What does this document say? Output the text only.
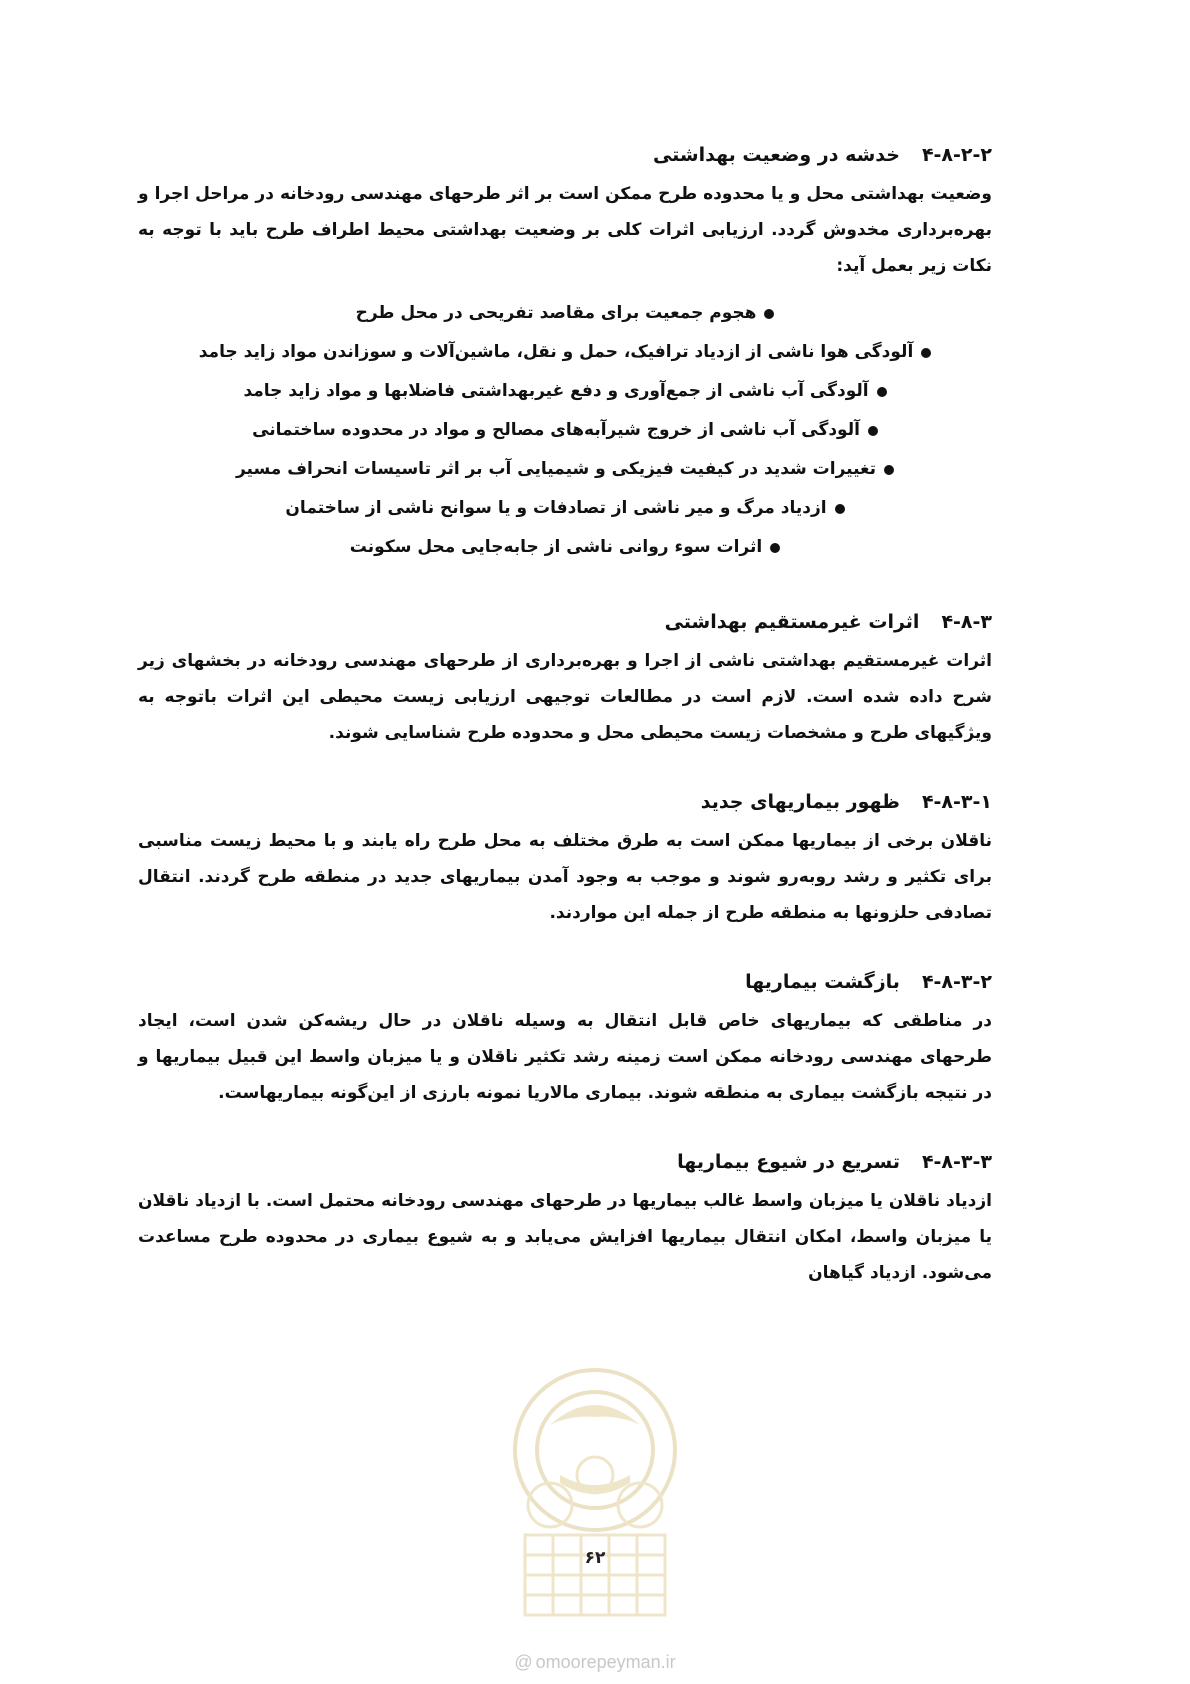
۴-۸-۲-۲خدشه در وضعیت بهداشتی

وضعیت بهداشتی محل و یا محدوده طرح ممکن است بر اثر طرحهای مهندسی رودخانه در مراحل اجرا و بهره‌برداری مخدوش گردد. ارزیابی اثرات کلی بر وضعیت بهداشتی محیط اطراف طرح باید با توجه به نکات زیر بعمل آید:

هجوم جمعیت برای مقاصد تفریحی در محل طرح
آلودگی هوا ناشی از ازدیاد ترافیک، حمل و نقل، ماشین‌آلات و سوزاندن مواد زاید جامد
آلودگی آب ناشی از جمع‌آوری و دفع غیربهداشتی فاضلابها و مواد زاید جامد
آلودگی آب ناشی از خروج شیرآبه‌های مصالح و مواد در محدوده ساختمانی
تغییرات شدید در کیفیت فیزیکی و شیمیایی آب بر اثر تاسیسات انحراف مسیر
ازدیاد مرگ و میر ناشی از تصادفات و یا سوانح ناشی از ساختمان
اثرات سوء روانی ناشی از جابه‌جایی محل سکونت
۴-۸-۳اثرات غیرمستقیم بهداشتی

اثرات غیرمستقیم بهداشتی ناشی از اجرا و بهره‌برداری از طرحهای مهندسی رودخانه در بخشهای زیر شرح داده شده است. لازم است در مطالعات توجیهی ارزیابی زیست محیطی این اثرات باتوجه به ویژگیهای طرح و مشخصات زیست محیطی محل و محدوده طرح شناسایی شوند.

۴-۸-۳-۱ظهور بیماریهای جدید

ناقلان برخی از بیماریها ممکن است به طرق مختلف به محل طرح راه یابند و با محیط زیست مناسبی برای تکثیر و رشد روبه‌رو شوند و موجب به وجود آمدن بیماریهای جدید در منطقه طرح گردند. انتقال تصادفی حلزونها به منطقه طرح از جمله این مواردند.

۴-۸-۳-۲بازگشت بیماریها

در مناطقی که بیماریهای خاص قابل انتقال به وسیله ناقلان در حال ریشه‌کن شدن است، ایجاد طرحهای مهندسی رودخانه ممکن است زمینه رشد تکثیر ناقلان و یا میزبان واسط این قبیل بیماریها و در نتیجه بازگشت بیماری به منطقه شوند. بیماری مالاریا نمونه بارزی از این‌گونه بیماریهاست.

۴-۸-۳-۳تسریع در شیوع بیماریها

ازدیاد ناقلان یا میزبان واسط غالب بیماریها در طرحهای مهندسی رودخانه محتمل است. با ازدیاد ناقلان یا میزبان واسط، امکان انتقال بیماریها افزایش می‌یابد و به شیوع بیماری در محدوده طرح مساعدت می‌شود. ازدیاد گیاهان

۶۲
@ omoorepeyman.ir
